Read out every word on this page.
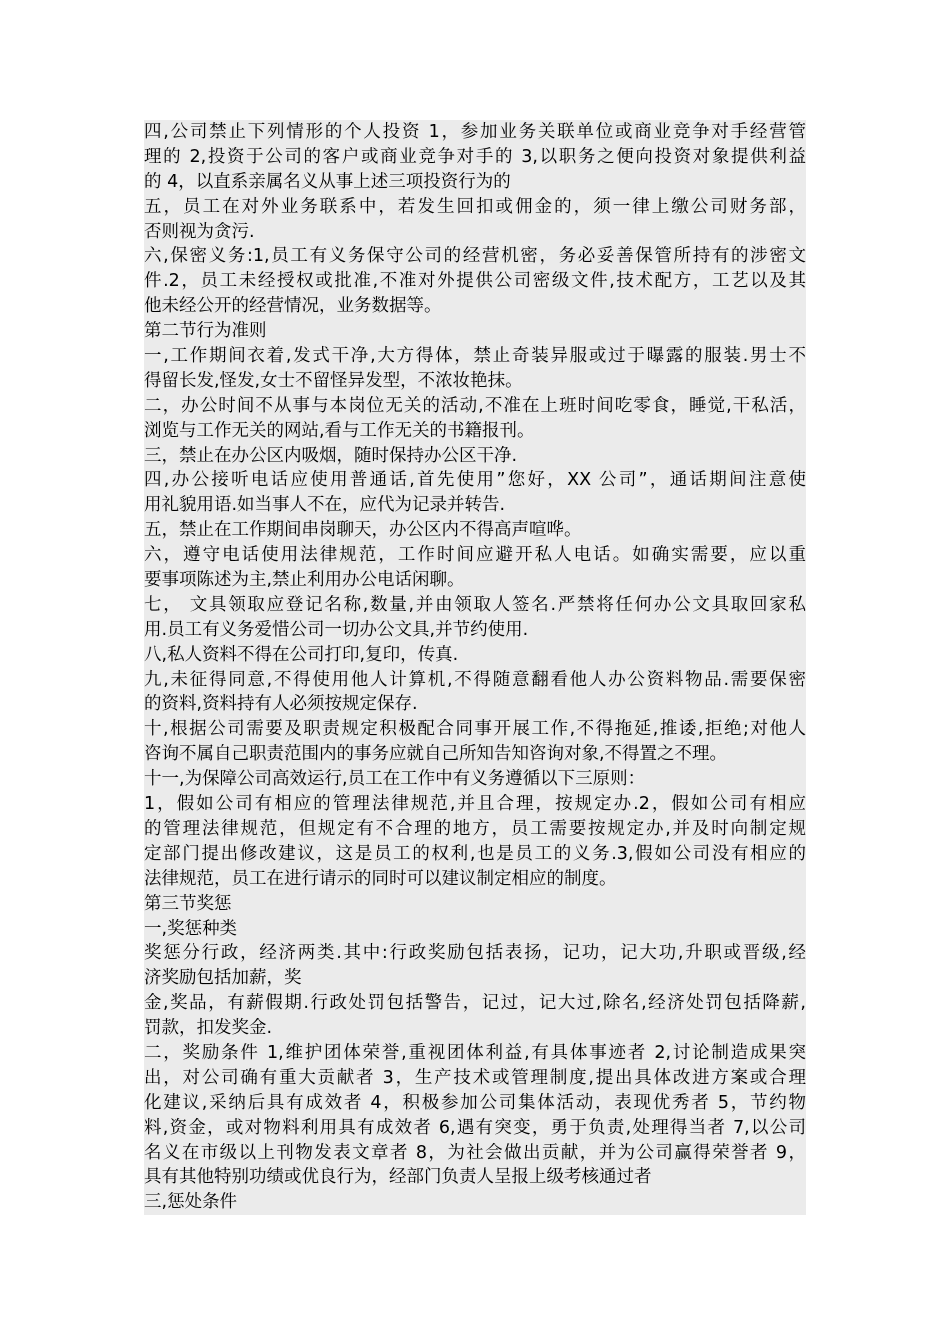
四,公司禁止下列情形的个人投资 1，参加业务关联单位或商业竞争对手经营管
理的 2,投资于公司的客户或商业竞争对手的 3,以职务之便向投资对象提供利益
的 4，以直系亲属名义从事上述三项投资行为的
五，员工在对外业务联系中，若发生回扣或佣金的，须一律上缴公司财务部，
否则视为贪污.
六,保密义务:1,员工有义务保守公司的经营机密，务必妥善保管所持有的涉密文
件.2，员工未经授权或批准,不准对外提供公司密级文件,技术配方，工艺以及其
他未经公开的经营情况，业务数据等。
第二节行为准则
一,工作期间衣着,发式干净,大方得体，禁止奇装异服或过于曝露的服装.男士不
得留长发,怪发,女士不留怪异发型，不浓妆艳抹。
二，办公时间不从事与本岗位无关的活动,不准在上班时间吃零食，睡觉,干私活，
浏览与工作无关的网站,看与工作无关的书籍报刊。
三，禁止在办公区内吸烟，随时保持办公区干净.
四,办公接听电话应使用普通话,首先使用”您好，XX 公司”，通话期间注意使
用礼貌用语.如当事人不在，应代为记录并转告.
五，禁止在工作期间串岗聊天，办公区内不得高声喧哗。
六，遵守电话使用法律规范，工作时间应避开私人电话。如确实需要，应以重
要事项陈述为主,禁止利用办公电话闲聊。
七， 文具领取应登记名称,数量,并由领取人签名.严禁将任何办公文具取回家私
用.员工有义务爱惜公司一切办公文具,并节约使用.
八,私人资料不得在公司打印,复印，传真.
九,未征得同意,不得使用他人计算机,不得随意翻看他人办公资料物品.需要保密
的资料,资料持有人必须按规定保存.
十,根据公司需要及职责规定积极配合同事开展工作,不得拖延,推诿,拒绝;对他人
咨询不属自己职责范围内的事务应就自己所知告知咨询对象,不得置之不理。
十一,为保障公司高效运行,员工在工作中有义务遵循以下三原则：
1，假如公司有相应的管理法律规范,并且合理，按规定办.2，假如公司有相应
的管理法律规范，但规定有不合理的地方，员工需要按规定办,并及时向制定规
定部门提出修改建议，这是员工的权利,也是员工的义务.3,假如公司没有相应的
法律规范，员工在进行请示的同时可以建议制定相应的制度。
第三节奖惩
一,奖惩种类
奖惩分行政，经济两类.其中:行政奖励包括表扬，记功，记大功,升职或晋级,经
济奖励包括加薪，奖
金,奖品，有薪假期.行政处罚包括警告，记过，记大过,除名,经济处罚包括降薪,
罚款，扣发奖金.
二，奖励条件 1,维护团体荣誉,重视团体利益,有具体事迹者 2,讨论制造成果突
出，对公司确有重大贡献者 3，生产技术或管理制度,提出具体改进方案或合理
化建议,采纳后具有成效者 4，积极参加公司集体活动，表现优秀者 5，节约物
料,资金，或对物料利用具有成效者 6,遇有突变，勇于负责,处理得当者 7,以公司
名义在市级以上刊物发表文章者 8，为社会做出贡献，并为公司赢得荣誉者 9，
具有其他特别功绩或优良行为，经部门负责人呈报上级考核通过者
三,惩处条件
